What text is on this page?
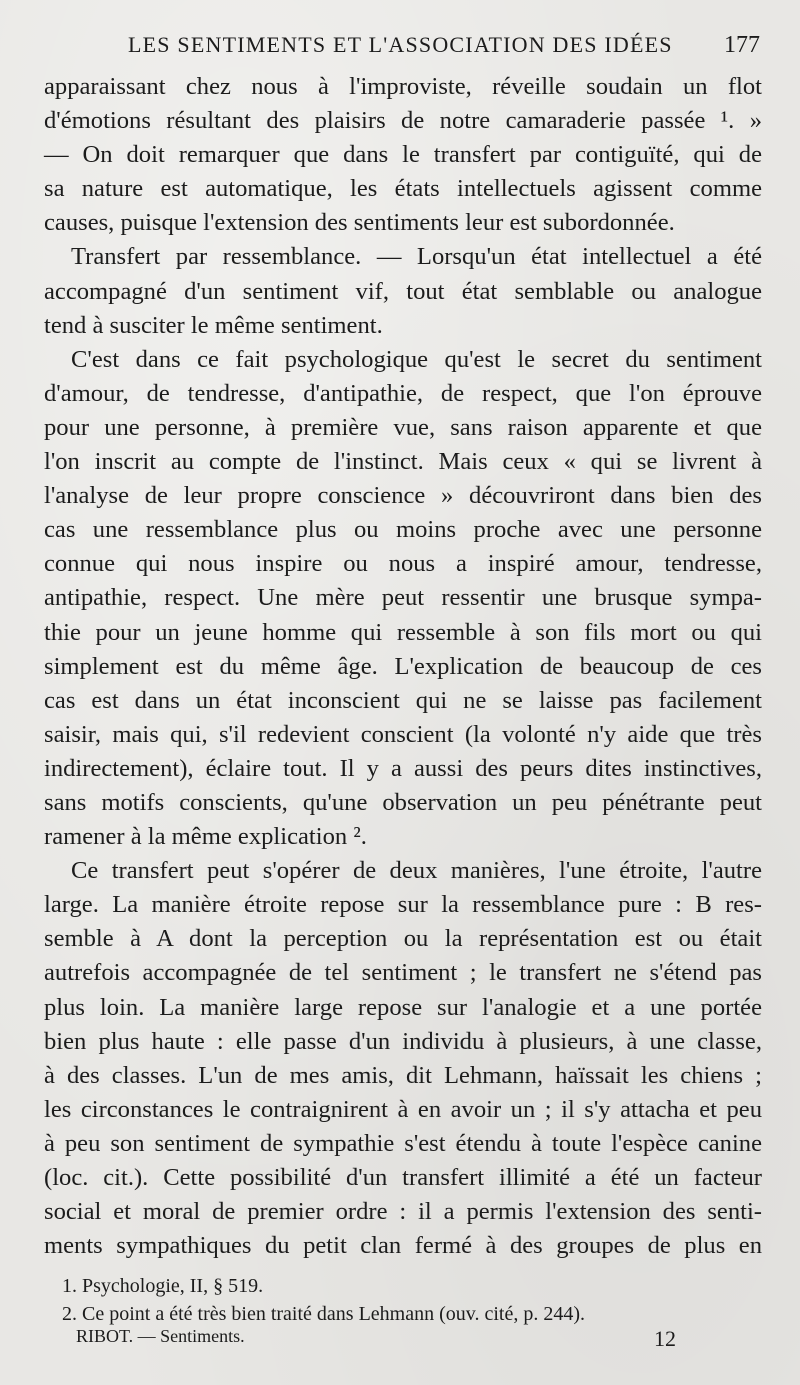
LES SENTIMENTS ET L'ASSOCIATION DES IDÉES 177
apparaissant chez nous à l'improviste, réveille soudain un flot
d'émotions résultant des plaisirs de notre camaraderie passée ¹. »
— On doit remarquer que dans le transfert par contiguïté, qui de
sa nature est automatique, les états intellectuels agissent comme
causes, puisque l'extension des sentiments leur est subordonnée.
Transfert par ressemblance. — Lorsqu'un état intellectuel a été
accompagné d'un sentiment vif, tout état semblable ou analogue
tend à susciter le même sentiment.
C'est dans ce fait psychologique qu'est le secret du sentiment
d'amour, de tendresse, d'antipathie, de respect, que l'on éprouve
pour une personne, à première vue, sans raison apparente et que
l'on inscrit au compte de l'instinct. Mais ceux « qui se livrent à
l'analyse de leur propre conscience » découvriront dans bien des
cas une ressemblance plus ou moins proche avec une personne
connue qui nous inspire ou nous a inspiré amour, tendresse,
antipathie, respect. Une mère peut ressentir une brusque sympa-
thie pour un jeune homme qui ressemble à son fils mort ou qui
simplement est du même âge. L'explication de beaucoup de ces
cas est dans un état inconscient qui ne se laisse pas facilement
saisir, mais qui, s'il redevient conscient (la volonté n'y aide que très
indirectement), éclaire tout. Il y a aussi des peurs dites instinctives,
sans motifs conscients, qu'une observation un peu pénétrante peut
ramener à la même explication ².
Ce transfert peut s'opérer de deux manières, l'une étroite, l'autre
large. La manière étroite repose sur la ressemblance pure : B res-
semble à A dont la perception ou la représentation est ou était
autrefois accompagnée de tel sentiment ; le transfert ne s'étend pas
plus loin. La manière large repose sur l'analogie et a une portée
bien plus haute : elle passe d'un individu à plusieurs, à une classe,
à des classes. L'un de mes amis, dit Lehmann, haïssait les chiens ;
les circonstances le contraignirent à en avoir un ; il s'y attacha et peu
à peu son sentiment de sympathie s'est étendu à toute l'espèce canine
(loc. cit.). Cette possibilité d'un transfert illimité a été un facteur
social et moral de premier ordre : il a permis l'extension des senti-
ments sympathiques du petit clan fermé à des groupes de plus en
1. Psychologie, II, § 519.
2. Ce point a été très bien traité dans Lehmann (ouv. cité, p. 244).
RIBOT. — Sentiments.	12
